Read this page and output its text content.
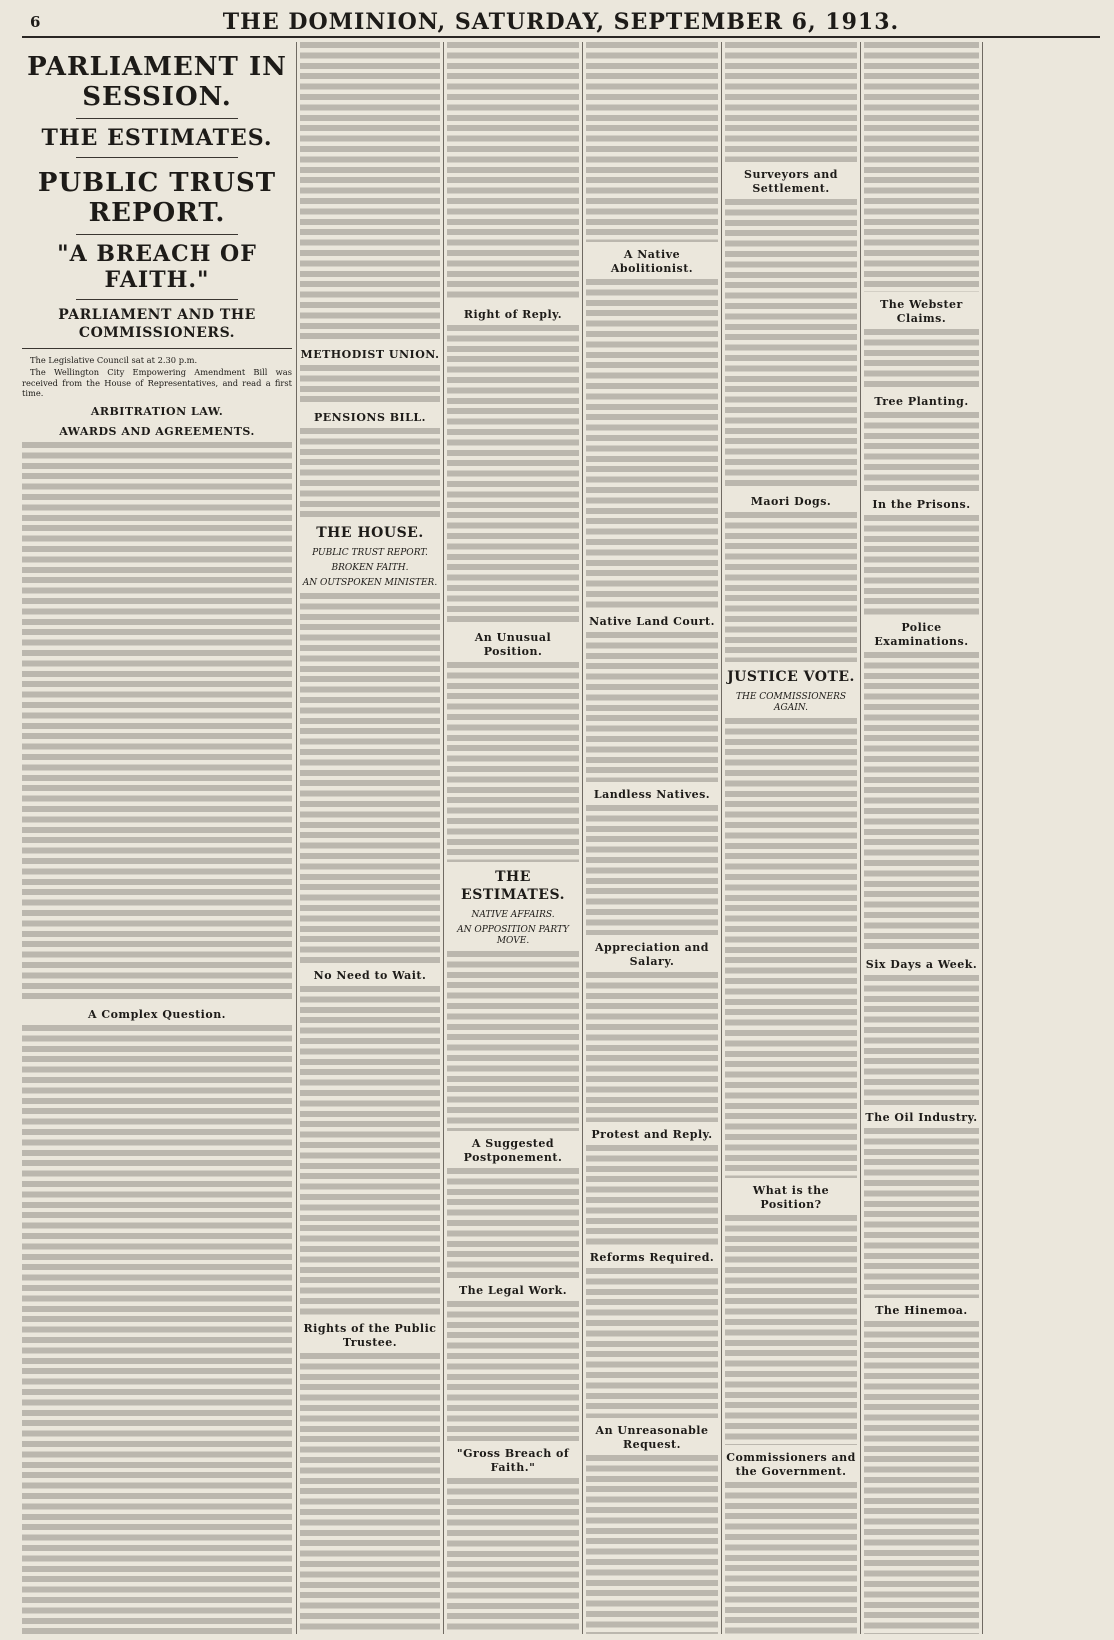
6	THE DOMINION, SATURDAY, SEPTEMBER 6, 1913.
PARLIAMENT IN SESSION.
THE ESTIMATES.
PUBLIC TRUST REPORT.
"A BREACH OF FAITH."
PARLIAMENT AND THE COMMISSIONERS.

The Legislative Council sat at 2.30 p.m.

The Wellington City Empowering Amendment Bill was received from the House of Representatives, and read a first time.

ARBITRATION LAW.
AWARDS AND AGREEMENTS.
A Complex Question.
METHODIST UNION.
PENSIONS BILL.
THE HOUSE.
PUBLIC TRUST REPORT.
BROKEN FAITH.
AN OUTSPOKEN MINISTER.
No Need to Wait.
Rights of the Public Trustee.
Right of Reply.
An Unusual Position.
THE ESTIMATES.
NATIVE AFFAIRS.
AN OPPOSITION PARTY MOVE.
A Suggested Postponement.
The Legal Work.
"Gross Breach of Faith."
A Native Abolitionist.
Native Land Court.
Landless Natives.
Appreciation and Salary.
Protest and Reply.
Reforms Required.
An Unreasonable Request.
Surveyors and Settlement.
Maori Dogs.
JUSTICE VOTE.
THE COMMISSIONERS AGAIN.
What is the Position?
Commissioners and the Government.
The Webster Claims.
Tree Planting.
In the Prisons.
Police Examinations.
Six Days a Week.
The Oil Industry.
The Hinemoa.
